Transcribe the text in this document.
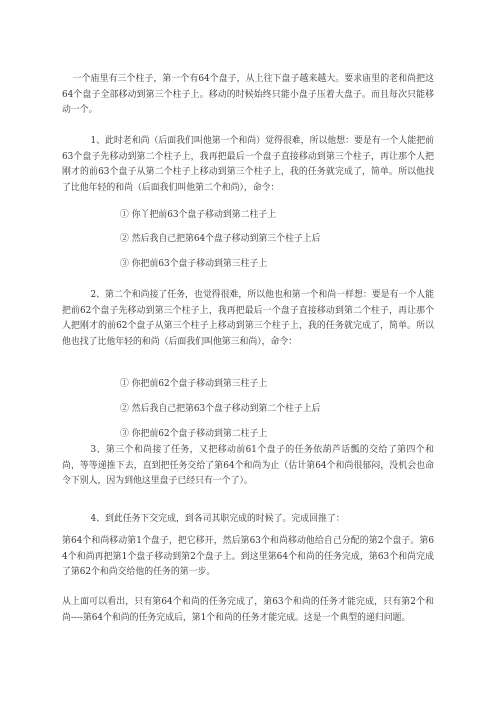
一个庙里有三个柱子，第一个有64个盘子，从上往下盘子越来越大。要求庙里的老和尚把这64个盘子全部移动到第三个柱子上。移动的时候始终只能小盘子压着大盘子。而且每次只能移动一个。

1、此时老和尚（后面我们叫他第一个和尚）觉得很难，所以他想：要是有一个人能把前63个盘子先移动到第二个柱子上，我再把最后一个盘子直接移动到第三个柱子，再让那个人把刚才的前63个盘子从第二个柱子上移动到第三个柱子上，我的任务就完成了，简单。所以他找了比他年轻的和尚（后面我们叫他第二个和尚），命令：

① 你丫把前63个盘子移动到第二柱子上

② 然后我自己把第64个盘子移动到第三个柱子上后

③ 你把前63个盘子移动到第三柱子上

2、第二个和尚接了任务，也觉得很难，所以他也和第一个和尚一样想：要是有一个人能把前62个盘子先移动到第三个柱子上，我再把最后一个盘子直接移动到第二个柱子，再让那个人把刚才的前62个盘子从第三个柱子上移动到第三个柱子上，我的任务就完成了，简单。所以他也找了比他年轻的和尚（后面我们叫他第三和尚），命令：

① 你把前62个盘子移动到第三柱子上

② 然后我自己把第63个盘子移动到第二个柱子上后

③ 你把前62个盘子移动到第二柱子上

3、第三个和尚接了任务，又把移动前61个盘子的任务依葫芦话瓢的交给了第四个和尚，等等递推下去，直到把任务交给了第64个和尚为止（估计第64个和尚很郁闷，没机会也命令下别人，因为到他这里盘子已经只有一个了）。

4、到此任务下交完成，到各司其职完成的时候了。完成回推了：

第64个和尚移动第1个盘子，把它移开，然后第63个和尚移动他给自己分配的第2个盘子。第64个和尚再把第1个盘子移动到第2个盘子上。到这里第64个和尚的任务完成，第63个和尚完成了第62个和尚交给他的任务的第一步。

从上面可以看出，只有第64个和尚的任务完成了，第63个和尚的任务才能完成，只有第2个和尚----第64个和尚的任务完成后，第1个和尚的任务才能完成。这是一个典型的递归问题。
